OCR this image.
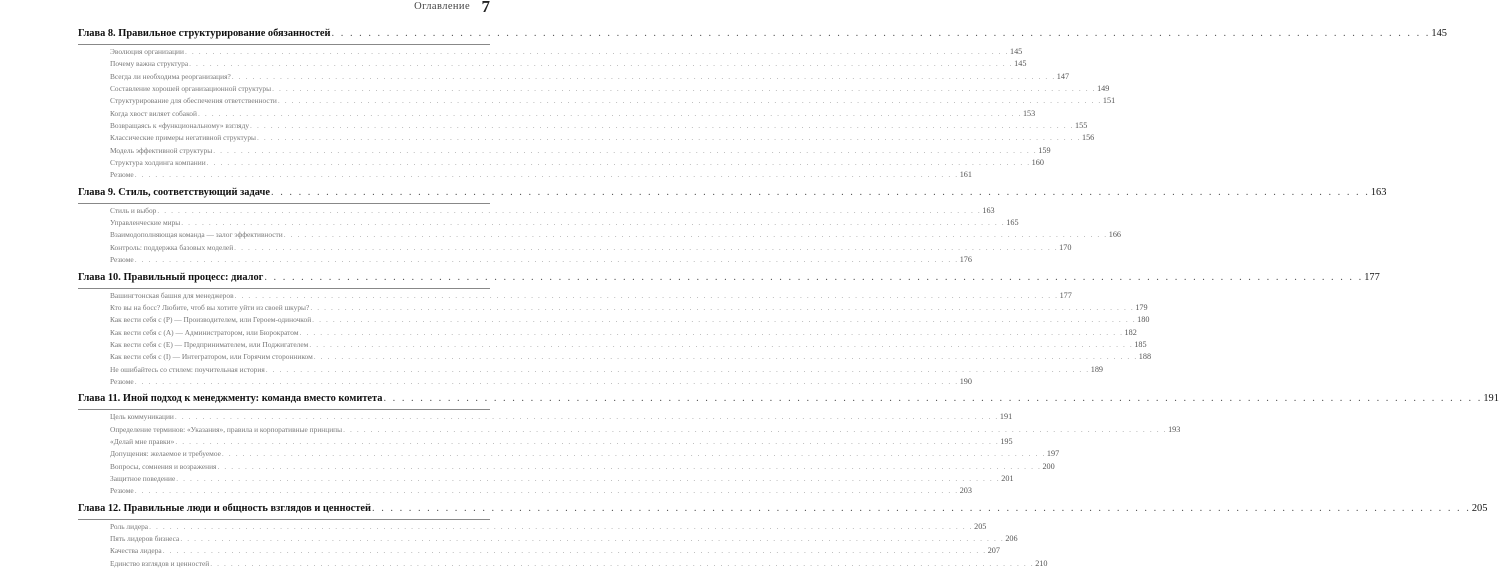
Оглавление 7
Глава 8. Правильное структурирование обязанностей . . . . . . . . . . . . . . . . . . . . . . . . . . . . . . . . . . . . . . . . . . . . . . . . . . . . . . . . . . . . . . . . . . . . . . . . . . . . . . . . . . . . . . . . . . . . . . . . . . . . . . . . . . . . . . . . . . . . . . . . 145
Эволюция организации . . . . . . . . . . . . . . . . . . . . . . . . . . . . . . . . . . . . . . . . . . . . . . . . . . . . . . . . . . . . . . . . . . . . . . . . . . . . . . . . . . . . . . . . . . . . . . . . . . . . . . . . . . . . . . . . . . . . . . . . 145
Почему важна структура . . . . . . . . . . . . . . . . . . . . . . . . . . . . . . . . . . . . . . . . . . . . . . . . . . . . . . . . . . . . . . . . . . . . . . . . . . . . . . . . . . . . . . . . . . . . . . . . . . . . . . . . . . . . . . . . . . . . . . . . 145
Всегда ли необходима реорганизация? . . . . . . . . . . . . . . . . . . . . . . . . . . . . . . . . . . . . . . . . . . . . . . . . . . . . . . . . . . . . . . . . . . . . . . . . . . . . . . . . . . . . . . . . . . . . . . . . . . . . . . . . . . . . . . . . . . . . . . . . 147
Составление хорошей организационной структуры . . . . . . . . . . . . . . . . . . . . . . . . . . . . . . . . . . . . . . . . . . . . . . . . . . . . . . . . . . . . . . . . . . . . . . . . . . . . . . . . . . . . . . . . . . . . . . . . . . . . . . . . . . . . . . . . . . . . . . . . 149
Структурирование для обеспечения ответственности . . . . . . . . . . . . . . . . . . . . . . . . . . . . . . . . . . . . . . . . . . . . . . . . . . . . . . . . . . . . . . . . . . . . . . . . . . . . . . . . . . . . . . . . . . . . . . . . . . . . . . . . . . . . . . . . . . . . . . . . 151
Когда хвост виляет собакой . . . . . . . . . . . . . . . . . . . . . . . . . . . . . . . . . . . . . . . . . . . . . . . . . . . . . . . . . . . . . . . . . . . . . . . . . . . . . . . . . . . . . . . . . . . . . . . . . . . . . . . . . . . . . . . . . . . . . . . . 153
Возвращаясь к «функциональному» взгляду . . . . . . . . . . . . . . . . . . . . . . . . . . . . . . . . . . . . . . . . . . . . . . . . . . . . . . . . . . . . . . . . . . . . . . . . . . . . . . . . . . . . . . . . . . . . . . . . . . . . . . . . . . . . . . . . . . . . . . . . 155
Классические примеры негативной структуры . . . . . . . . . . . . . . . . . . . . . . . . . . . . . . . . . . . . . . . . . . . . . . . . . . . . . . . . . . . . . . . . . . . . . . . . . . . . . . . . . . . . . . . . . . . . . . . . . . . . . . . . . . . . . . . . . . . . . . . . 156
Модель эффективной структуры . . . . . . . . . . . . . . . . . . . . . . . . . . . . . . . . . . . . . . . . . . . . . . . . . . . . . . . . . . . . . . . . . . . . . . . . . . . . . . . . . . . . . . . . . . . . . . . . . . . . . . . . . . . . . . . . . . . . . . . . 159
Структура холдинга компании . . . . . . . . . . . . . . . . . . . . . . . . . . . . . . . . . . . . . . . . . . . . . . . . . . . . . . . . . . . . . . . . . . . . . . . . . . . . . . . . . . . . . . . . . . . . . . . . . . . . . . . . . . . . . . . . . . . . . . . . 160
Резюме . . . . . . . . . . . . . . . . . . . . . . . . . . . . . . . . . . . . . . . . . . . . . . . . . . . . . . . . . . . . . . . . . . . . . . . . . . . . . . . . . . . . . . . . . . . . . . . . . . . . . . . . . . . . . . . . . . . . . . . . 161
Глава 9. Стиль, соответствующий задаче . . . . . . . . . . . . . . . . . . . . . . . . . . . . . . . . . . . . . . . . . . . . . . . . . . . . . . . . . . . . . . . . . . . . . . . . . . . . . . . . . . . . . . . . . . . . . . . . . . . . . . . . . . . . . . . . . . . . . . . . 163
Стиль и выбор . . . . . . . . . . . . . . . . . . . . . . . . . . . . . . . . . . . . . . . . . . . . . . . . . . . . . . . . . . . . . . . . . . . . . . . . . . . . . . . . . . . . . . . . . . . . . . . . . . . . . . . . . . . . . . . . . . . . . . . . 163
Управленческие миры . . . . . . . . . . . . . . . . . . . . . . . . . . . . . . . . . . . . . . . . . . . . . . . . . . . . . . . . . . . . . . . . . . . . . . . . . . . . . . . . . . . . . . . . . . . . . . . . . . . . . . . . . . . . . . . . . . . . . . . . 165
Взаимодополняющая команда — залог эффективности . . . . . . . . . . . . . . . . . . . . . . . . . . . . . . . . . . . . . . . . . . . . . . . . . . . . . . . . . . . . . . . . . . . . . . . . . . . . . . . . . . . . . . . . . . . . . . . . . . . . . . . . . . . . . . . . . . . . . . . . 166
Контроль: поддержка базовых моделей . . . . . . . . . . . . . . . . . . . . . . . . . . . . . . . . . . . . . . . . . . . . . . . . . . . . . . . . . . . . . . . . . . . . . . . . . . . . . . . . . . . . . . . . . . . . . . . . . . . . . . . . . . . . . . . . . . . . . . . . 170
Резюме . . . . . . . . . . . . . . . . . . . . . . . . . . . . . . . . . . . . . . . . . . . . . . . . . . . . . . . . . . . . . . . . . . . . . . . . . . . . . . . . . . . . . . . . . . . . . . . . . . . . . . . . . . . . . . . . . . . . . . . . 176
Глава 10. Правильный процесс: диалог . . . . . . . . . . . . . . . . . . . . . . . . . . . . . . . . . . . . . . . . . . . . . . . . . . . . . . . . . . . . . . . . . . . . . . . . . . . . . . . . . . . . . . . . . . . . . . . . . . . . . . . . . . . . . . . . . . . . . . . . 177
Вашингтонская башня для менеджеров . . . . . . . . . . . . . . . . . . . . . . . . . . . . . . . . . . . . . . . . . . . . . . . . . . . . . . . . . . . . . . . . . . . . . . . . . . . . . . . . . . . . . . . . . . . . . . . . . . . . . . . . . . . . . . . . . . . . . . . . 177
Кто вы на босс? Любите, чтоб вы хотите уйти из своей шкуры? . . . . . . . . . . . . . . . . . . . . . . . . . . . . . . . . . . . . . . . . . . . . . . . . . . . . . . . . . . . . . . . . . . . . . . . . . . . . . . . . . . . . . . . . . . . . . . . . . . . . . . . . . . . . . . . . . . . . . . . . 179
Как вести себя с (P) — Производителем, или Героем-одиночкой . . . . . . . . . . . . . . . . . . . . . . . . . . . . . . . . . . . . . . . . . . . . . . . . . . . . . . . . . . . . . . . . . . . . . . . . . . . . . . . . . . . . . . . . . . . . . . . . . . . . . . . . . . . . . . . . . . . . . . . . 180
Как вести себя с (A) — Администратором, или Бюрократом . . . . . . . . . . . . . . . . . . . . . . . . . . . . . . . . . . . . . . . . . . . . . . . . . . . . . . . . . . . . . . . . . . . . . . . . . . . . . . . . . . . . . . . . . . . . . . . . . . . . . . . . . . . . . . . . . . . . . . . . 182
Как вести себя с (E) — Предпринимателем, или Поджигателем . . . . . . . . . . . . . . . . . . . . . . . . . . . . . . . . . . . . . . . . . . . . . . . . . . . . . . . . . . . . . . . . . . . . . . . . . . . . . . . . . . . . . . . . . . . . . . . . . . . . . . . . . . . . . . . . . . . . . . . . 185
Как вести себя с (I) — Интегратором, или Горячим сторонником . . . . . . . . . . . . . . . . . . . . . . . . . . . . . . . . . . . . . . . . . . . . . . . . . . . . . . . . . . . . . . . . . . . . . . . . . . . . . . . . . . . . . . . . . . . . . . . . . . . . . . . . . . . . . . . . . . . . . . . . 188
Не ошибайтесь со стилем: поучительная история . . . . . . . . . . . . . . . . . . . . . . . . . . . . . . . . . . . . . . . . . . . . . . . . . . . . . . . . . . . . . . . . . . . . . . . . . . . . . . . . . . . . . . . . . . . . . . . . . . . . . . . . . . . . . . . . . . . . . . . . 189
Резюме . . . . . . . . . . . . . . . . . . . . . . . . . . . . . . . . . . . . . . . . . . . . . . . . . . . . . . . . . . . . . . . . . . . . . . . . . . . . . . . . . . . . . . . . . . . . . . . . . . . . . . . . . . . . . . . . . . . . . . . . 190
Глава 11. Иной подход к менеджменту: команда вместо комитета . . . . . . . . . . . . . . . . . . . . . . . . . . . . . . . . . . . . . . . . . . . . . . . . . . . . . . . . . . . . . . . . . . . . . . . . . . . . . . . . . . . . . . . . . . . . . . . . . . . . . . . . . . . . . . . . . . . . . . . . 191
Цель коммуникации . . . . . . . . . . . . . . . . . . . . . . . . . . . . . . . . . . . . . . . . . . . . . . . . . . . . . . . . . . . . . . . . . . . . . . . . . . . . . . . . . . . . . . . . . . . . . . . . . . . . . . . . . . . . . . . . . . . . . . . . 191
Определение терминов: «Указания», правила и корпоративные принципы . . . . . . . . . . . . . . . . . . . . . . . . . . . . . . . . . . . . . . . . . . . . . . . . . . . . . . . . . . . . . . . . . . . . . . . . . . . . . . . . . . . . . . . . . . . . . . . . . . . . . . . . . . . . . . . . . . . . . . . . 193
«Делай мне правки» . . . . . . . . . . . . . . . . . . . . . . . . . . . . . . . . . . . . . . . . . . . . . . . . . . . . . . . . . . . . . . . . . . . . . . . . . . . . . . . . . . . . . . . . . . . . . . . . . . . . . . . . . . . . . . . . . . . . . . . . 195
Допущения: желаемое и требуемое . . . . . . . . . . . . . . . . . . . . . . . . . . . . . . . . . . . . . . . . . . . . . . . . . . . . . . . . . . . . . . . . . . . . . . . . . . . . . . . . . . . . . . . . . . . . . . . . . . . . . . . . . . . . . . . . . . . . . . . . 197
Вопросы, сомнения и возражения . . . . . . . . . . . . . . . . . . . . . . . . . . . . . . . . . . . . . . . . . . . . . . . . . . . . . . . . . . . . . . . . . . . . . . . . . . . . . . . . . . . . . . . . . . . . . . . . . . . . . . . . . . . . . . . . . . . . . . . . 200
Защитное поведение . . . . . . . . . . . . . . . . . . . . . . . . . . . . . . . . . . . . . . . . . . . . . . . . . . . . . . . . . . . . . . . . . . . . . . . . . . . . . . . . . . . . . . . . . . . . . . . . . . . . . . . . . . . . . . . . . . . . . . . . 201
Резюме . . . . . . . . . . . . . . . . . . . . . . . . . . . . . . . . . . . . . . . . . . . . . . . . . . . . . . . . . . . . . . . . . . . . . . . . . . . . . . . . . . . . . . . . . . . . . . . . . . . . . . . . . . . . . . . . . . . . . . . . 203
Глава 12. Правильные люди и общность взглядов и ценностей . . . . . . . . . . . . . . . . . . . . . . . . . . . . . . . . . . . . . . . . . . . . . . . . . . . . . . . . . . . . . . . . . . . . . . . . . . . . . . . . . . . . . . . . . . . . . . . . . . . . . . . . . . . . . . . . . . . . . . . . 205
Роль лидера . . . . . . . . . . . . . . . . . . . . . . . . . . . . . . . . . . . . . . . . . . . . . . . . . . . . . . . . . . . . . . . . . . . . . . . . . . . . . . . . . . . . . . . . . . . . . . . . . . . . . . . . . . . . . . . . . . . . . . . . 205
Пять лидеров бизнеса . . . . . . . . . . . . . . . . . . . . . . . . . . . . . . . . . . . . . . . . . . . . . . . . . . . . . . . . . . . . . . . . . . . . . . . . . . . . . . . . . . . . . . . . . . . . . . . . . . . . . . . . . . . . . . . . . . . . . . . . 206
Качества лидера . . . . . . . . . . . . . . . . . . . . . . . . . . . . . . . . . . . . . . . . . . . . . . . . . . . . . . . . . . . . . . . . . . . . . . . . . . . . . . . . . . . . . . . . . . . . . . . . . . . . . . . . . . . . . . . . . . . . . . . . 207
Единство взглядов и ценностей . . . . . . . . . . . . . . . . . . . . . . . . . . . . . . . . . . . . . . . . . . . . . . . . . . . . . . . . . . . . . . . . . . . . . . . . . . . . . . . . . . . . . . . . . . . . . . . . . . . . . . . . . . . . . . . . . . . . . . . . 210
